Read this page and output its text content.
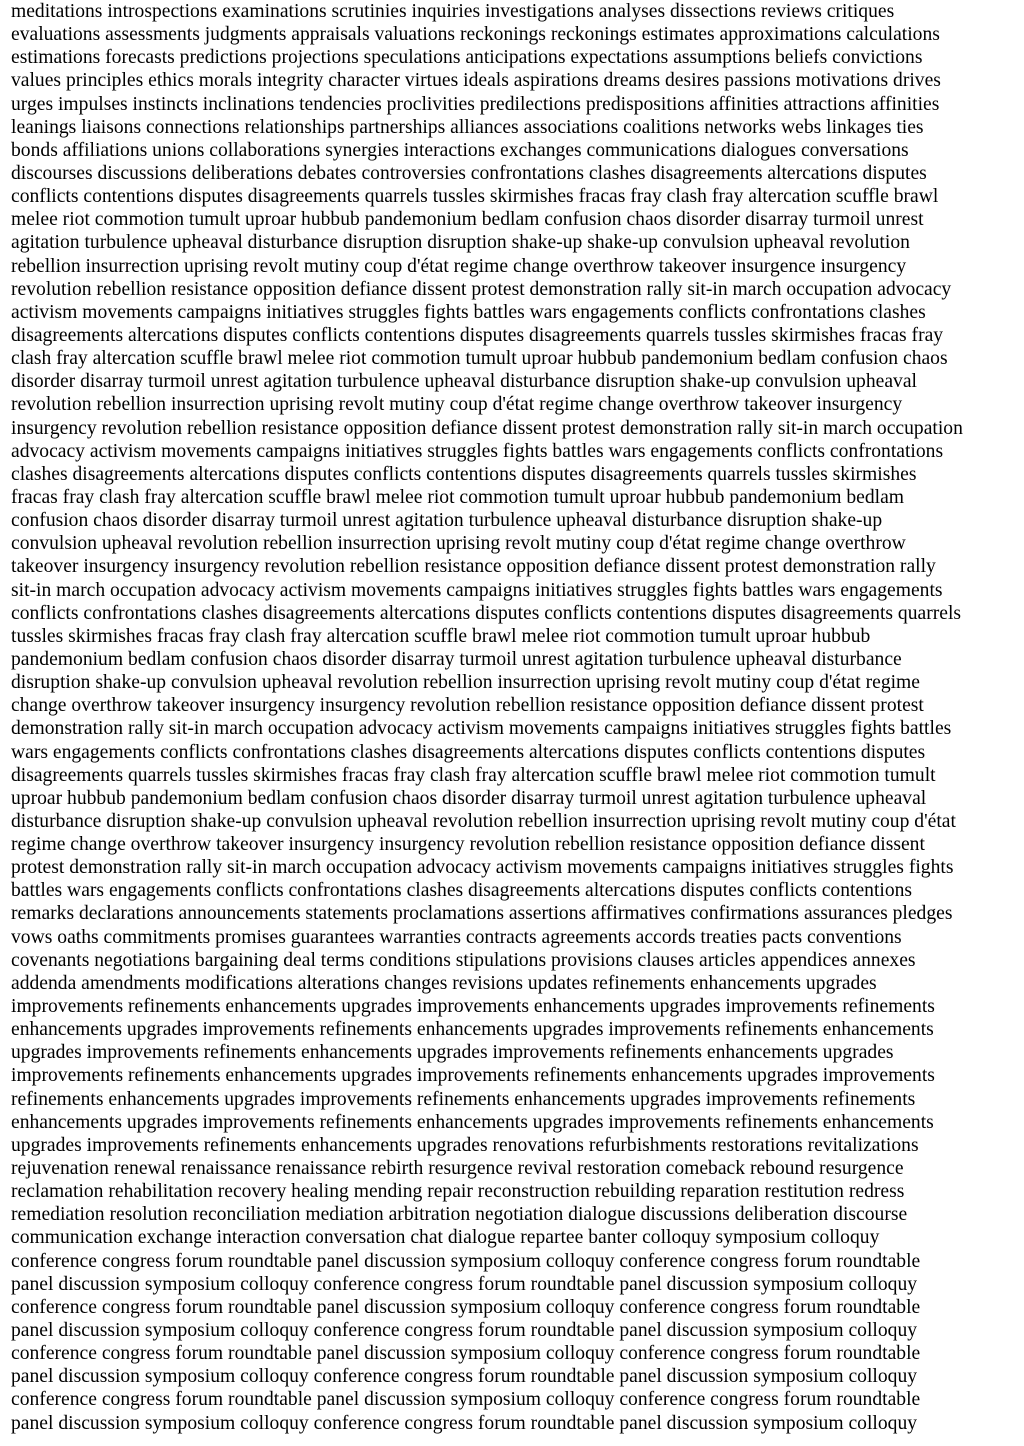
meditations introspections examinations scrutinies inquiries investigations analyses dissections reviews critiques
evaluations assessments judgments appraisals valuations reckonings reckonings estimates approximations calculations
estimations forecasts predictions projections speculations anticipations expectations assumptions beliefs convictions
values principles ethics morals integrity character virtues ideals aspirations dreams desires passions motivations drives
urges impulses instincts inclinations tendencies proclivities predilections predispositions affinities attractions affinities
leanings liaisons connections relationships partnerships alliances associations coalitions networks webs linkages ties
bonds affiliations unions collaborations synergies interactions exchanges communications dialogues conversations
discourses discussions deliberations debates controversies confrontations clashes disagreements altercations disputes
conflicts contentions disputes disagreements quarrels tussles skirmishes fracas fray clash fray altercation scuffle brawl
melee riot commotion tumult uproar hubbub pandemonium bedlam confusion chaos disorder disarray turmoil unrest
agitation turbulence upheaval disturbance disruption disruption shake-up shake-up convulsion upheaval revolution
rebellion insurrection uprising revolt mutiny coup d'état regime change overthrow takeover insurgence insurgency
revolution rebellion resistance opposition defiance dissent protest demonstration rally sit-in march occupation advocacy
activism movements campaigns initiatives struggles fights battles wars engagements conflicts confrontations clashes
disagreements altercations disputes conflicts contentions disputes disagreements quarrels tussles skirmishes fracas fray
clash fray altercation scuffle brawl melee riot commotion tumult uproar hubbub pandemonium bedlam confusion chaos
disorder disarray turmoil unrest agitation turbulence upheaval disturbance disruption shake-up convulsion upheaval
revolution rebellion insurrection uprising revolt mutiny coup d'état regime change overthrow takeover insurgency
insurgency revolution rebellion resistance opposition defiance dissent protest demonstration rally sit-in march occupation
advocacy activism movements campaigns initiatives struggles fights battles wars engagements conflicts confrontations
clashes disagreements altercations disputes conflicts contentions disputes disagreements quarrels tussles skirmishes
fracas fray clash fray altercation scuffle brawl melee riot commotion tumult uproar hubbub pandemonium bedlam
confusion chaos disorder disarray turmoil unrest agitation turbulence upheaval disturbance disruption shake-up
convulsion upheaval revolution rebellion insurrection uprising revolt mutiny coup d'état regime change overthrow
takeover insurgency insurgency revolution rebellion resistance opposition defiance dissent protest demonstration rally
sit-in march occupation advocacy activism movements campaigns initiatives struggles fights battles wars engagements
conflicts confrontations clashes disagreements altercations disputes conflicts contentions disputes disagreements quarrels
tussles skirmishes fracas fray clash fray altercation scuffle brawl melee riot commotion tumult uproar hubbub
pandemonium bedlam confusion chaos disorder disarray turmoil unrest agitation turbulence upheaval disturbance
disruption shake-up convulsion upheaval revolution rebellion insurrection uprising revolt mutiny coup d'état regime
change overthrow takeover insurgency insurgency revolution rebellion resistance opposition defiance dissent protest
demonstration rally sit-in march occupation advocacy activism movements campaigns initiatives struggles fights battles
wars engagements conflicts confrontations clashes disagreements altercations disputes conflicts contentions disputes
disagreements quarrels tussles skirmishes fracas fray clash fray altercation scuffle brawl melee riot commotion tumult
uproar hubbub pandemonium bedlam confusion chaos disorder disarray turmoil unrest agitation turbulence upheaval
disturbance disruption shake-up convulsion upheaval revolution rebellion insurrection uprising revolt mutiny coup d'état
regime change overthrow takeover insurgency insurgency revolution rebellion resistance opposition defiance dissent
protest demonstration rally sit-in march occupation advocacy activism movements campaigns initiatives struggles fights
battles wars engagements conflicts confrontations clashes disagreements altercations disputes conflicts contentions
remarks declarations announcements statements proclamations assertions affirmatives confirmations assurances pledges
vows oaths commitments promises guarantees warranties contracts agreements accords treaties pacts conventions
covenants negotiations bargaining deal terms conditions stipulations provisions clauses articles appendices annexes
addenda amendments modifications alterations changes revisions updates refinements enhancements upgrades
improvements refinements enhancements upgrades improvements enhancements upgrades improvements refinements
enhancements upgrades improvements refinements enhancements upgrades improvements refinements enhancements
upgrades improvements refinements enhancements upgrades improvements refinements enhancements upgrades
improvements refinements enhancements upgrades improvements refinements enhancements upgrades improvements
refinements enhancements upgrades improvements refinements enhancements upgrades improvements refinements
enhancements upgrades improvements refinements enhancements upgrades improvements refinements enhancements
upgrades improvements refinements enhancements upgrades renovations refurbishments restorations revitalizations
rejuvenation renewal renaissance renaissance rebirth resurgence revival restoration comeback rebound resurgence
reclamation rehabilitation recovery healing mending repair reconstruction rebuilding reparation restitution redress
remediation resolution reconciliation mediation arbitration negotiation dialogue discussions deliberation discourse
communication exchange interaction conversation chat dialogue repartee banter colloquy symposium colloquy
conference congress forum roundtable panel discussion symposium colloquy conference congress forum roundtable
panel discussion symposium colloquy conference congress forum roundtable panel discussion symposium colloquy
conference congress forum roundtable panel discussion symposium colloquy conference congress forum roundtable
panel discussion symposium colloquy conference congress forum roundtable panel discussion symposium colloquy
conference congress forum roundtable panel discussion symposium colloquy conference congress forum roundtable
panel discussion symposium colloquy conference congress forum roundtable panel discussion symposium colloquy
conference congress forum roundtable panel discussion symposium colloquy conference congress forum roundtable
panel discussion symposium colloquy conference congress forum roundtable panel discussion symposium colloquy
